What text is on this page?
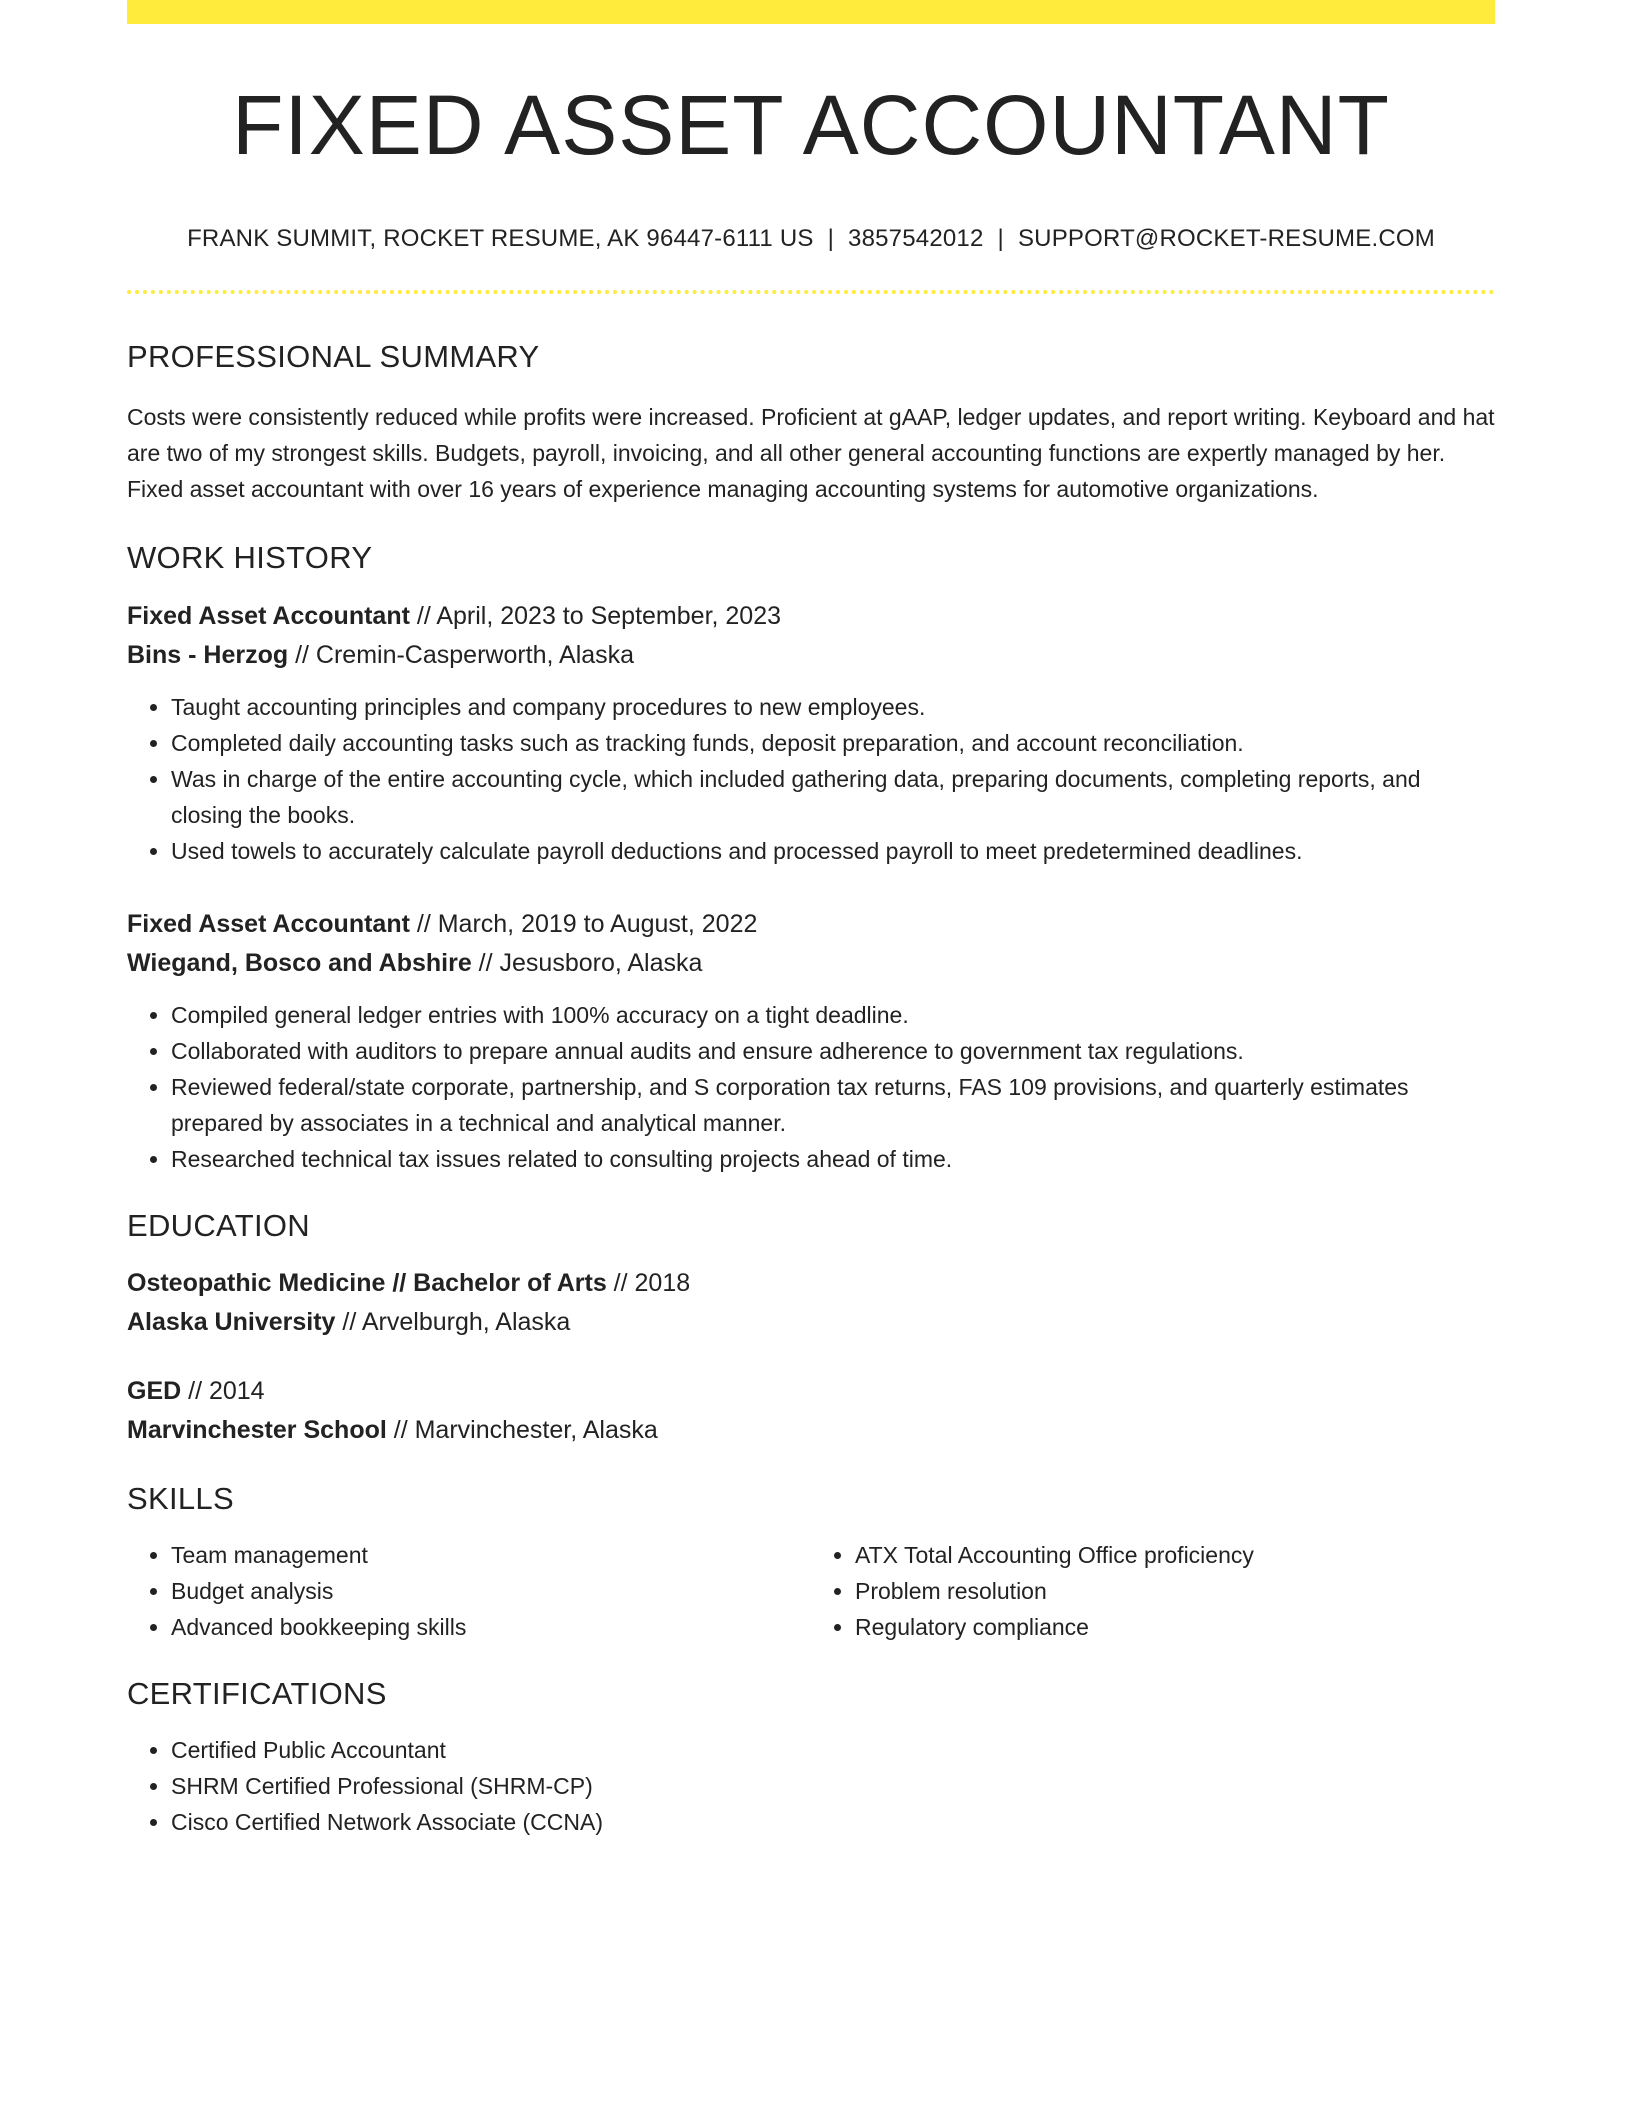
FIXED ASSET ACCOUNTANT
FRANK SUMMIT, ROCKET RESUME, AK 96447-6111 US | 3857542012 | SUPPORT@ROCKET-RESUME.COM
PROFESSIONAL SUMMARY

Costs were consistently reduced while profits were increased. Proficient at gAAP, ledger updates, and report writing. Keyboard and hat are two of my strongest skills. Budgets, payroll, invoicing, and all other general accounting functions are expertly managed by her. Fixed asset accountant with over 16 years of experience managing accounting systems for automotive organizations.

WORK HISTORY
Fixed Asset Accountant // April, 2023 to September, 2023
Bins - Herzog // Cremin-Casperworth, Alaska
• Taught accounting principles and company procedures to new employees.
• Completed daily accounting tasks such as tracking funds, deposit preparation, and account reconciliation.
• Was in charge of the entire accounting cycle, which included gathering data, preparing documents, completing reports, and closing the books.
• Used towels to accurately calculate payroll deductions and processed payroll to meet predetermined deadlines.
Fixed Asset Accountant // March, 2019 to August, 2022
Wiegand, Bosco and Abshire // Jesusboro, Alaska
• Compiled general ledger entries with 100% accuracy on a tight deadline.
• Collaborated with auditors to prepare annual audits and ensure adherence to government tax regulations.
• Reviewed federal/state corporate, partnership, and S corporation tax returns, FAS 109 provisions, and quarterly estimates prepared by associates in a technical and analytical manner.
• Researched technical tax issues related to consulting projects ahead of time.
EDUCATION
Osteopathic Medicine // Bachelor of Arts // 2018
Alaska University // Arvelburgh, Alaska
GED // 2014
Marvinchester School // Marvinchester, Alaska
SKILLS
• Team management
• Budget analysis
• Advanced bookkeeping skills
• ATX Total Accounting Office proficiency
• Problem resolution
• Regulatory compliance
CERTIFICATIONS
• Certified Public Accountant
• SHRM Certified Professional (SHRM-CP)
• Cisco Certified Network Associate (CCNA)
